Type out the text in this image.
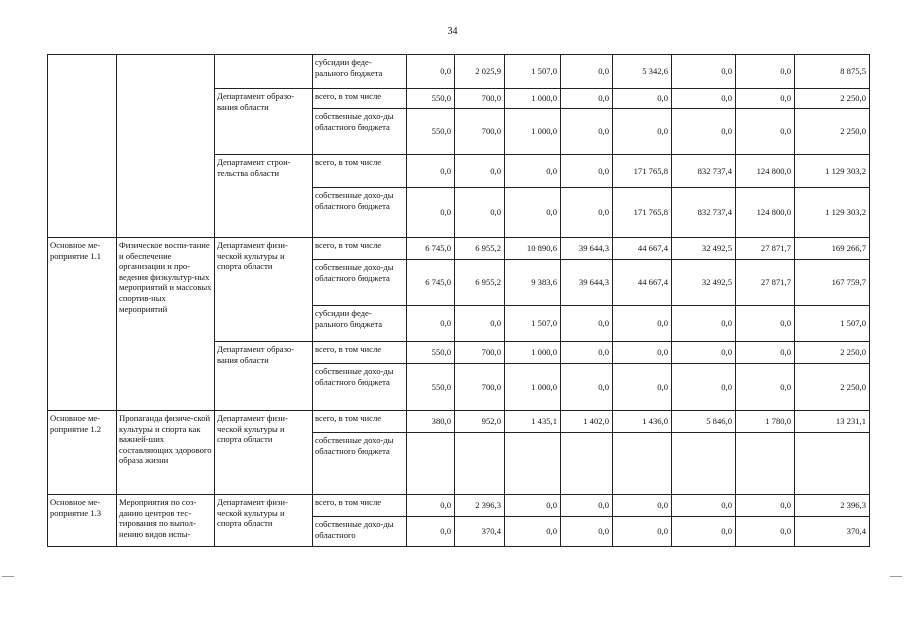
34
			субсидии феде-ральногo бюджета	0,0	2 025,9	1 507,0	0,0	5 342,6	0,0	0,0	8 875,5
		Департамент образо-вания области	всего, в том числе	550,0	700,0	1 000,0	0,0	0,0	0,0	0,0	2 250,0
			собственные дохо-ды областного бюджета	550,0	700,0	1 000,0	0,0	0,0	0,0	0,0	2 250,0
		Департамент строи-тельства области	всего, в том числе	0,0	0,0	0,0	0,0	171 765,8	832 737,4	124 800,0	1 129 303,2
			собственные дохо-ды областного бюджета	0,0	0,0	0,0	0,0	171 765,8	832 737,4	124 800,0	1 129 303,2
Основное ме-роприятие 1.1	Физическое воспи-тание и обеспечение организации и про-ведения физкультур-ных мероприятий и массовых спортив-ных мероприятий	Департамент физи-ческой культуры и спорта области	всего, в том числе	6 745,0	6 955,2	10 890,6	39 644,3	44 667,4	32 492,5	27 871,7	169 266,7
			собственные дохо-ды областного бюджета	6 745,0	6 955,2	9 383,6	39 644,3	44 667,4	32 492,5	27 871,7	167 759,7
			субсидии феде-рального бюджета	0,0	0,0	1 507,0	0,0	0,0	0,0	0,0	1 507,0
		Департамент образо-вания области	всего, в том числе	550,0	700,0	1 000,0	0,0	0,0	0,0	0,0	2 250,0
			собственные дохо-ды областного бюджета	550,0	700,0	1 000,0	0,0	0,0	0,0	0,0	2 250,0
Основное ме-роприятие 1.2	Пропаганда физиче-ской культуры и спорта как важней-ших составляющих здорового образа жизни	Департамент физи-ческой культуры и спорта области	всего, в том числе	380,0	952,0	1 435,1	1 402,0	1 436,0	5 846,0	1 780,0	13 231,1
			собственные дохо-ды областного бюджета								
Основное ме-роприятие 1.3	Мероприятия по соз-данию центров тес-тирования по выпол-нению видов испы-	Департамент физи-ческой культуры и спорта области	всего, в том числе	0,0	2 396,3	0,0	0,0	0,0	0,0	0,0	2 396,3
			собственные дохо-ды областного	0,0	370,4	0,0	0,0	0,0	0,0	0,0	370,4
